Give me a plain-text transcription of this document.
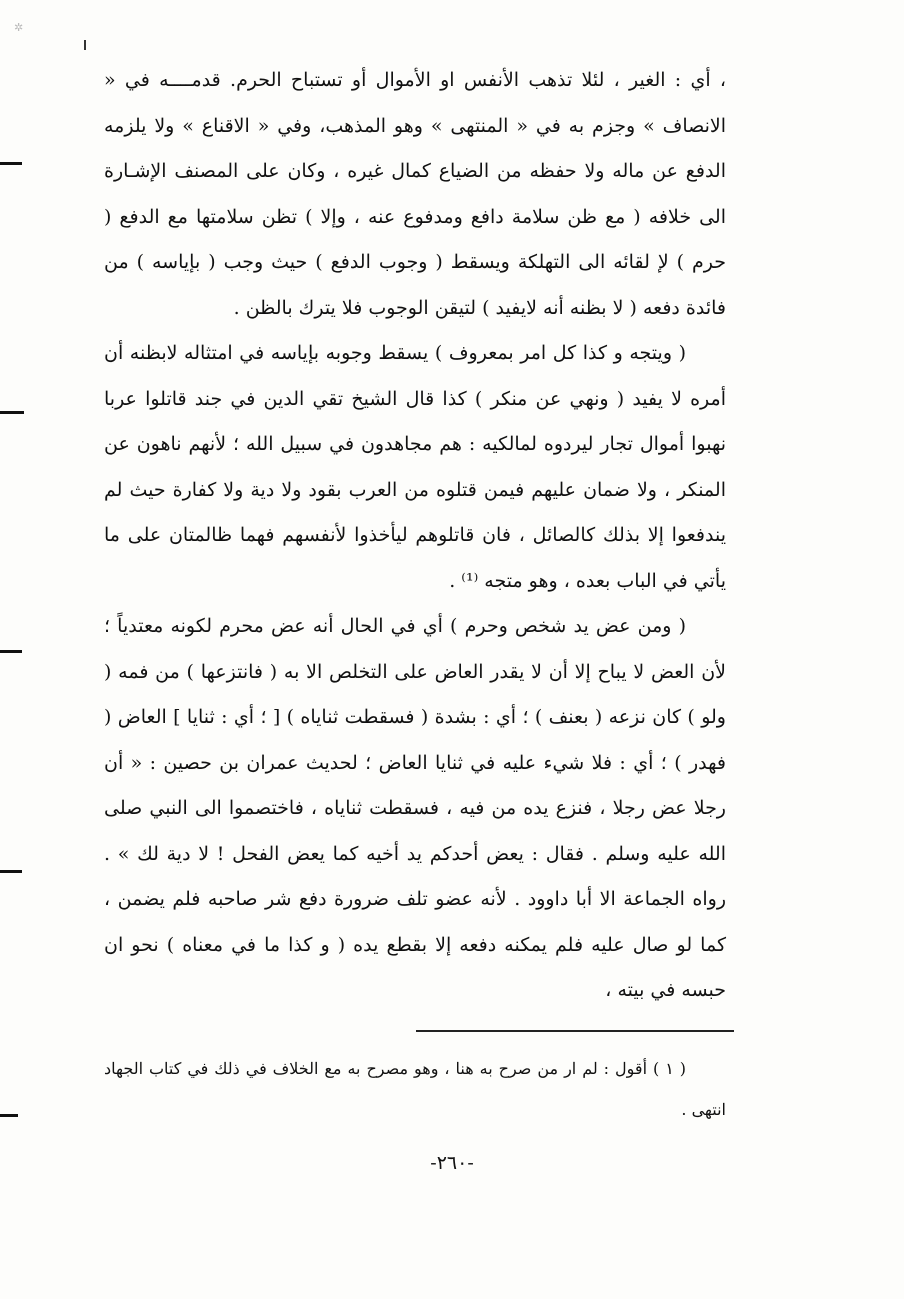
✲

، أي : الغير ، لئلا تذهب الأنفس او الأموال أو تستباح الحرم. قدمــــه في « الانصاف » وجزم به في « المنتهى » وهو المذهب، وفي « الاقناع » ولا يلزمه الدفع عن ماله ولا حفظه من الضياع كمال غيره ، وكان على المصنف الإشـارة الى خلافه ( مع ظن سلامة دافع ومدفوع عنه ، وإلا ) تظن سلامتها مع الدفع ( حرم ) لإ لقائه الى التهلكة ويسقط ( وجوب الدفع ) حيث وجب ( بإياسه ) من فائدة دفعه ( لا بظنه أنه لايفيد ) لتيقن الوجوب فلا يترك بالظن .

( ويتجه و كذا كل امر بمعروف ) يسقط وجوبه بإياسه في امتثاله لابظنه أن أمره لا يفيد ( ونهي عن منكر ) كذا قال الشيخ تقي الدين في جند قاتلوا عربا نهبوا أموال تجار ليردوه لمالكيه : هم مجاهدون في سبيل الله ؛ لأنهم ناهون عن المنكر ، ولا ضمان عليهم فيمن قتلوه من العرب بقود ولا دية ولا كفارة حيث لم يندفعوا إلا بذلك كالصائل ، فان قاتلوهم ليأخذوا لأنفسهم فهما ظالمتان على ما يأتي في الباب بعده ، وهو متجه ⁽¹⁾ .

( ومن عض يد شخص وحرم ) أي في الحال أنه عض محرم لكونه معتدياً ؛ لأن العض لا يباح إلا أن لا يقدر العاض على التخلص الا به ( فانتزعها ) من فمه ( ولو ) كان نزعه ( بعنف ) ؛ أي : بشدة ( فسقطت ثناياه ) [ ؛ أي : ثنايا ] العاض ( فهدر ) ؛ أي : فلا شيء عليه في ثنايا العاض ؛ لحديث عمران بن حصين : « أن رجلا عض رجلا ، فنزع يده من فيه ، فسقطت ثناياه ، فاختصموا الى النبي صلى الله عليه وسلم . فقال : يعض أحدكم يد أخيه كما يعض الفحل ! لا دية لك » . رواه الجماعة الا أبا داوود . لأنه عضو تلف ضرورة دفع شر صاحبه فلم يضمن ، كما لو صال عليه فلم يمكنه دفعه إلا بقطع يده ( و كذا ما في معناه ) نحو ان حبسه في بيته ،

( ١ ) أقول : لم ار من صرح به هنا ، وهو مصرح به مع الخلاف في ذلك في كتاب الجهاد انتهى .

-٢٦٠-
